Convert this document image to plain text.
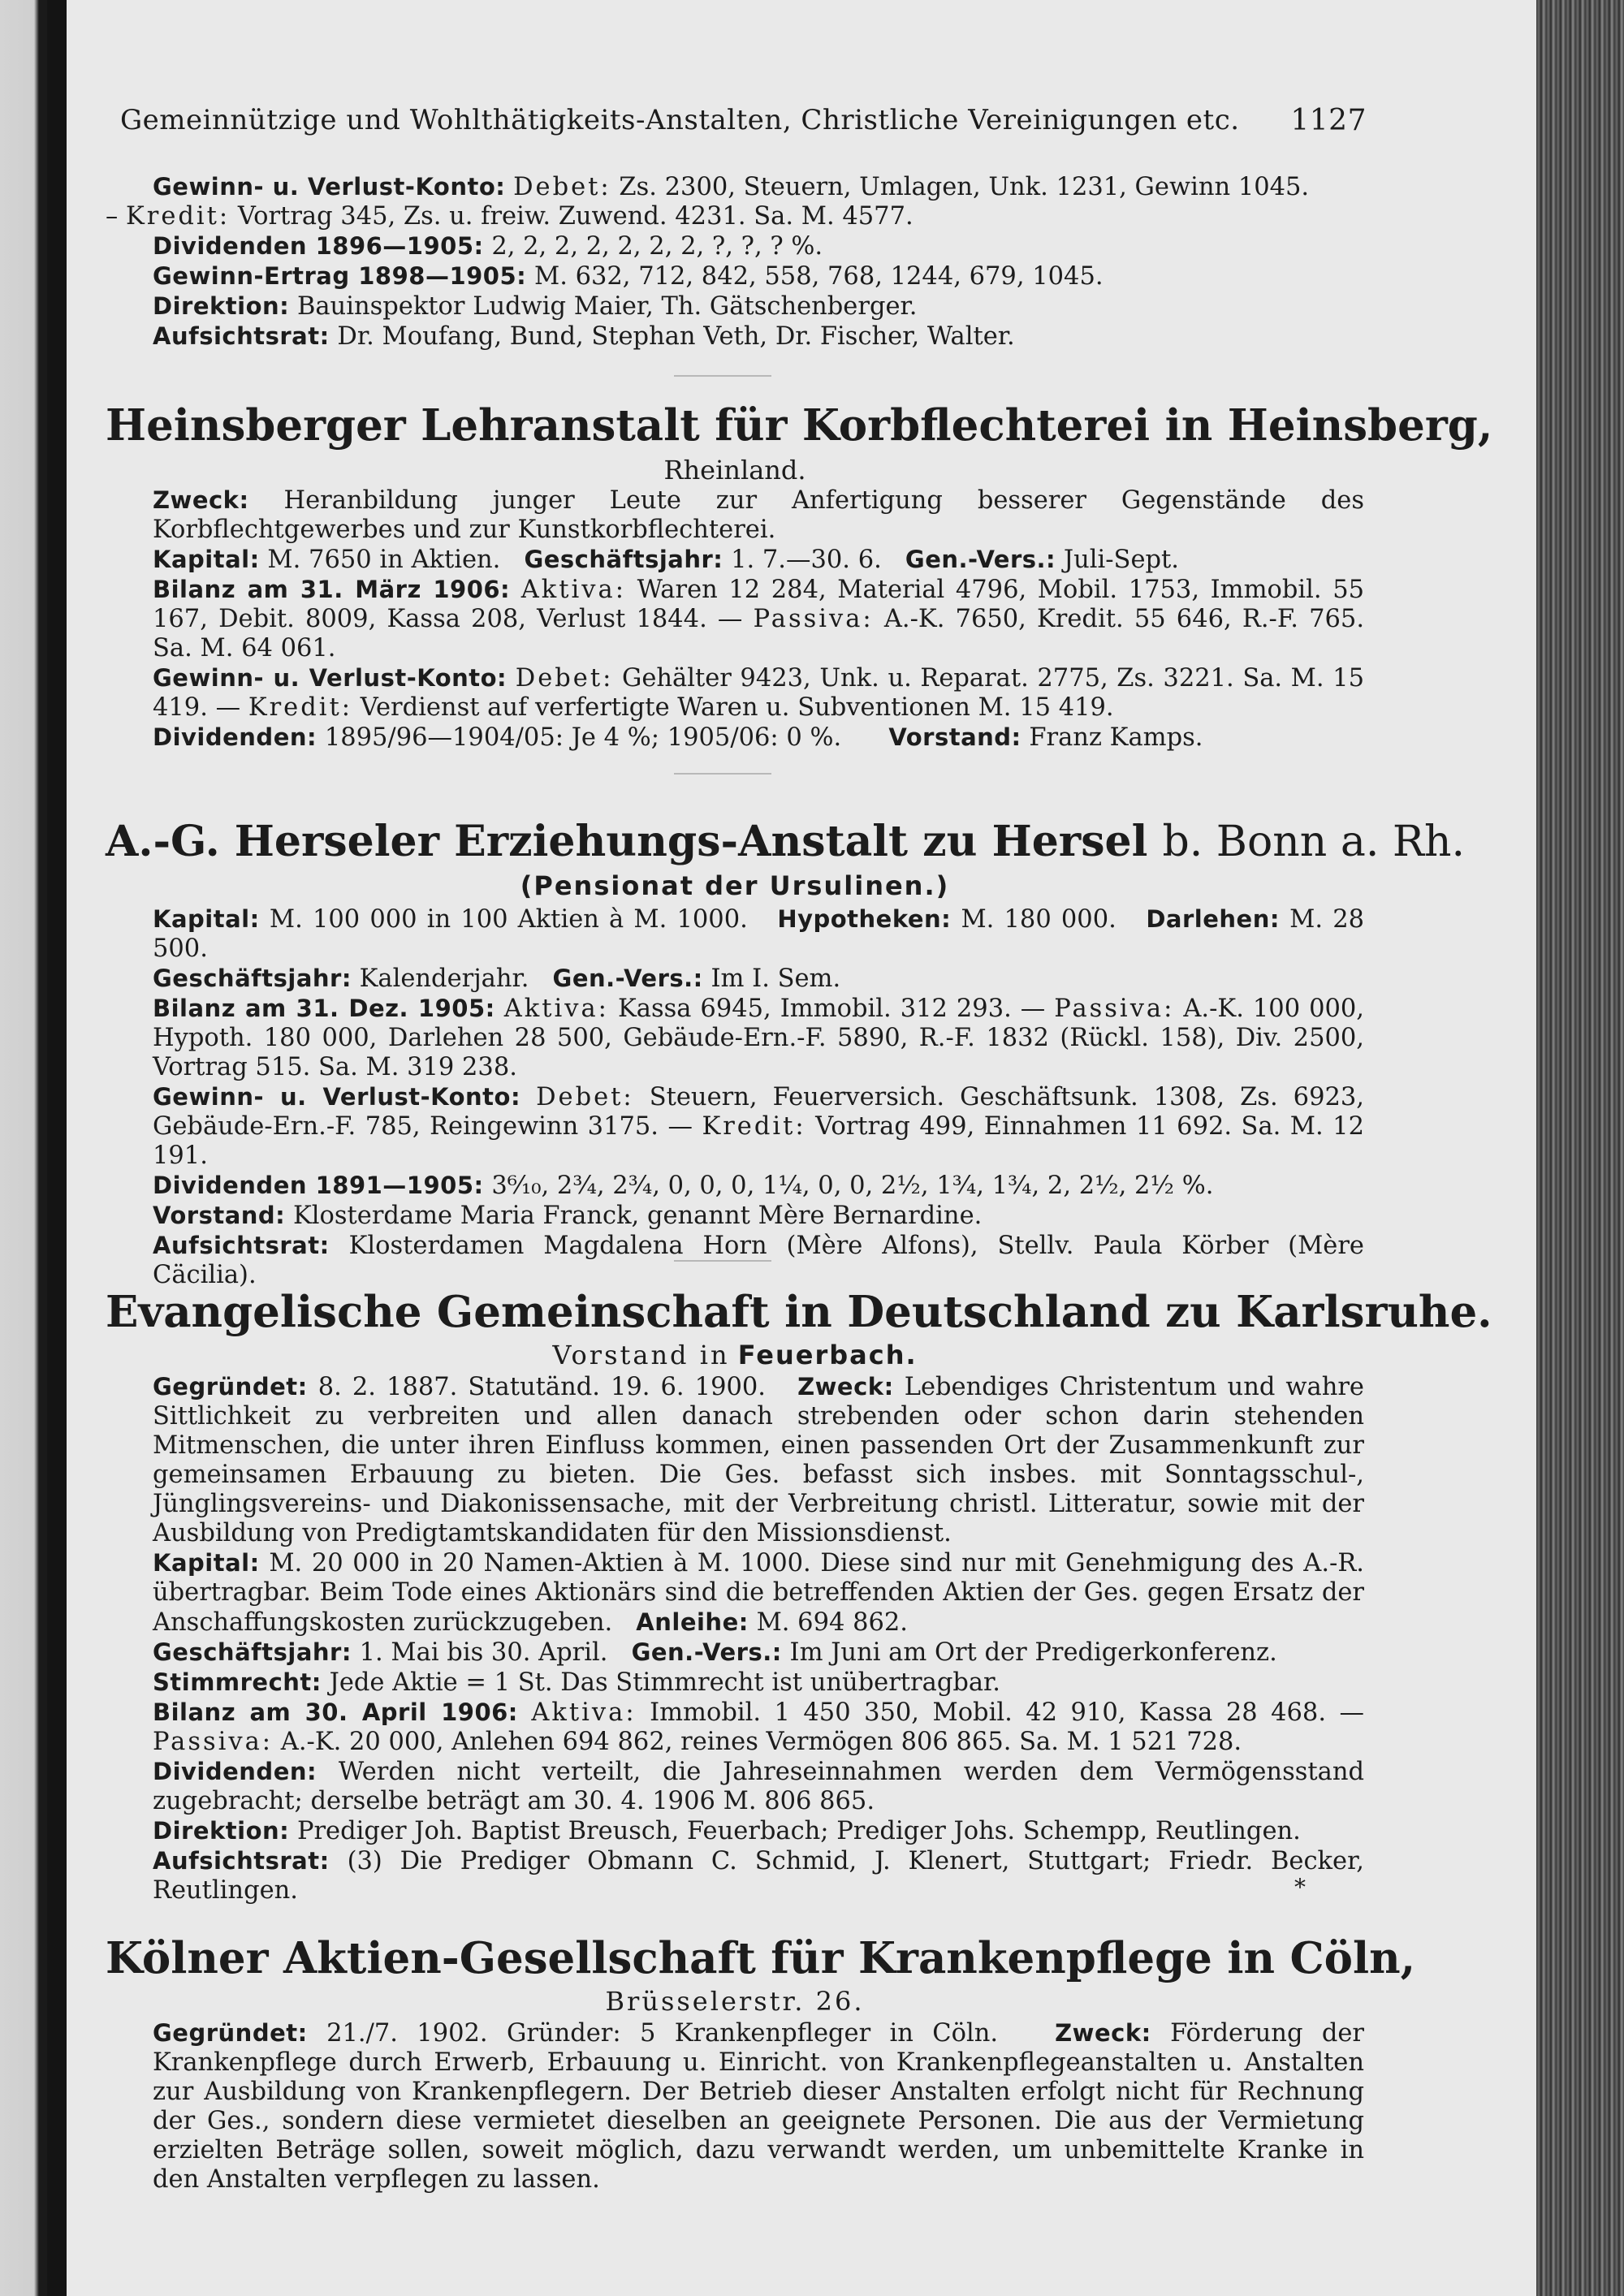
Gemeinnützige und Wohlthätigkeits-Anstalten, Christliche Vereinigungen etc. 1127

Gewinn- u. Verlust-Konto: Debet: Zs. 2300, Steuern, Umlagen, Unk. 1231, Gewinn 1045.

– Kredit: Vortrag 345, Zs. u. freiw. Zuwend. 4231. Sa. M. 4577.

Dividenden 1896—1905: 2, 2, 2, 2, 2, 2, 2, ?, ?, ? %.

Gewinn-Ertrag 1898—1905: M. 632, 712, 842, 558, 768, 1244, 679, 1045.

Direktion: Bauinspektor Ludwig Maier, Th. Gätschenberger.

Aufsichtsrat: Dr. Moufang, Bund, Stephan Veth, Dr. Fischer, Walter.

Heinsberger Lehranstalt für Korbflechterei in Heinsberg,
Rheinland.

Zweck: Heranbildung junger Leute zur Anfertigung besserer Gegenstände des Korbflechtgewerbes und zur Kunstkorbflechterei.

Kapital: M. 7650 in Aktien. Geschäftsjahr: 1. 7.—30. 6. Gen.-Vers.: Juli-Sept.

Bilanz am 31. März 1906: Aktiva: Waren 12 284, Material 4796, Mobil. 1753, Immobil. 55 167, Debit. 8009, Kassa 208, Verlust 1844. — Passiva: A.-K. 7650, Kredit. 55 646, R.-F. 765. Sa. M. 64 061.

Gewinn- u. Verlust-Konto: Debet: Gehälter 9423, Unk. u. Reparat. 2775, Zs. 3221. Sa. M. 15 419. — Kredit: Verdienst auf verfertigte Waren u. Subventionen M. 15 419.

Dividenden: 1895/96—1904/05: Je 4 %; 1905/06: 0 %. Vorstand: Franz Kamps.

A.-G. Herseler Erziehungs-Anstalt zu Hersel b. Bonn a. Rh.
(Pensionat der Ursulinen.)

Kapital: M. 100 000 in 100 Aktien à M. 1000. Hypotheken: M. 180 000. Darlehen: M. 28 500.

Geschäftsjahr: Kalenderjahr. Gen.-Vers.: Im I. Sem.

Bilanz am 31. Dez. 1905: Aktiva: Kassa 6945, Immobil. 312 293. — Passiva: A.-K. 100 000, Hypoth. 180 000, Darlehen 28 500, Gebäude-Ern.-F. 5890, R.-F. 1832 (Rückl. 158), Div. 2500, Vortrag 515. Sa. M. 319 238.

Gewinn- u. Verlust-Konto: Debet: Steuern, Feuerversich. Geschäftsunk. 1308, Zs. 6923, Gebäude-Ern.-F. 785, Reingewinn 3175. — Kredit: Vortrag 499, Einnahmen 11 692. Sa. M. 12 191.

Dividenden 1891—1905: 3⁶⁄₁₀, 2³⁄₄, 2³⁄₄, 0, 0, 0, 1¹⁄₄, 0, 0, 2¹⁄₂, 1³⁄₄, 1³⁄₄, 2, 2¹⁄₂, 2¹⁄₂ %.

Vorstand: Klosterdame Maria Franck, genannt Mère Bernardine.

Aufsichtsrat: Klosterdamen Magdalena Horn (Mère Alfons), Stellv. Paula Körber (Mère Cäcilia).

Evangelische Gemeinschaft in Deutschland zu Karlsruhe.
Vorstand in Feuerbach.

Gegründet: 8. 2. 1887. Statutänd. 19. 6. 1900. Zweck: Lebendiges Christentum und wahre Sittlichkeit zu verbreiten und allen danach strebenden oder schon darin stehenden Mitmenschen, die unter ihren Einfluss kommen, einen passenden Ort der Zusammenkunft zur gemeinsamen Erbauung zu bieten. Die Ges. befasst sich insbes. mit Sonntagsschul-, Jünglingsvereins- und Diakonissensache, mit der Verbreitung christl. Litteratur, sowie mit der Ausbildung von Predigtamtskandidaten für den Missionsdienst.

Kapital: M. 20 000 in 20 Namen-Aktien à M. 1000. Diese sind nur mit Genehmigung des A.-R. übertragbar. Beim Tode eines Aktionärs sind die betreffenden Aktien der Ges. gegen Ersatz der Anschaffungskosten zurückzugeben. Anleihe: M. 694 862.

Geschäftsjahr: 1. Mai bis 30. April. Gen.-Vers.: Im Juni am Ort der Predigerkonferenz.

Stimmrecht: Jede Aktie = 1 St. Das Stimmrecht ist unübertragbar.

Bilanz am 30. April 1906: Aktiva: Immobil. 1 450 350, Mobil. 42 910, Kassa 28 468. — Passiva: A.-K. 20 000, Anlehen 694 862, reines Vermögen 806 865. Sa. M. 1 521 728.

Dividenden: Werden nicht verteilt, die Jahreseinnahmen werden dem Vermögensstand zugebracht; derselbe beträgt am 30. 4. 1906 M. 806 865.

Direktion: Prediger Joh. Baptist Breusch, Feuerbach; Prediger Johs. Schempp, Reutlingen.

Aufsichtsrat: (3) Die Prediger Obmann C. Schmid, J. Klenert, Stuttgart; Friedr. Becker, Reutlingen.	*
Kölner Aktien-Gesellschaft für Krankenpflege in Cöln,
Brüsselerstr. 26.

Gegründet: 21./7. 1902. Gründer: 5 Krankenpfleger in Cöln. Zweck: Förderung der Krankenpflege durch Erwerb, Erbauung u. Einricht. von Krankenpflegeanstalten u. Anstalten zur Ausbildung von Krankenpflegern. Der Betrieb dieser Anstalten erfolgt nicht für Rechnung der Ges., sondern diese vermietet dieselben an geeignete Personen. Die aus der Vermietung erzielten Beträge sollen, soweit möglich, dazu verwandt werden, um unbemittelte Kranke in den Anstalten verpflegen zu lassen.
